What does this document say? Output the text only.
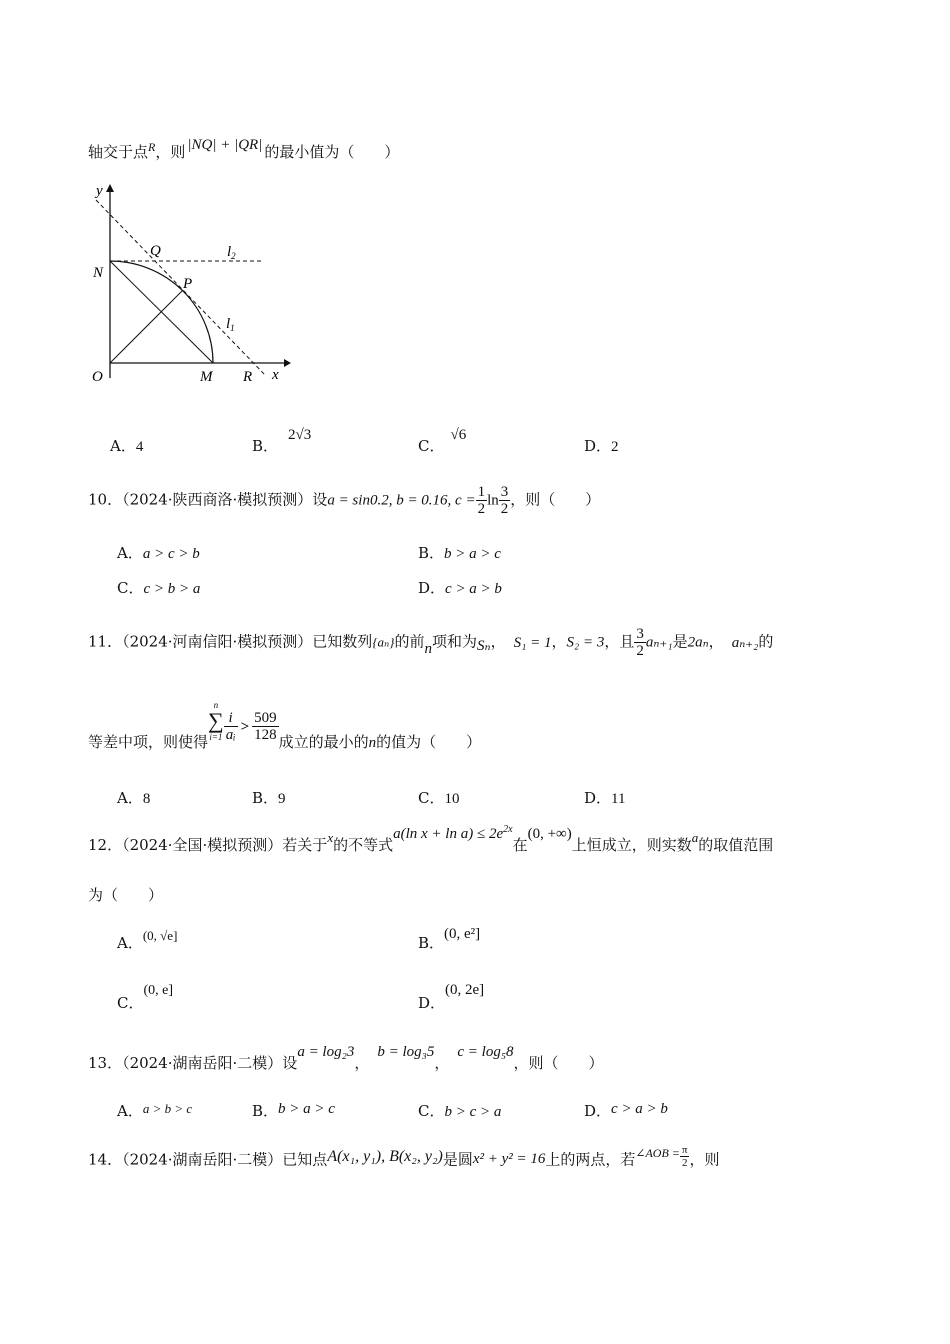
轴交于点$^R$，则 |NQ| + |QR| 的最小值为（　　）
y
x
O
N
Q
P
M R
$l_2$
$l_1$
A．4	B．2√3
C．√6
D．2
10．（2024·陕西商洛·模拟预测）设a = sin0.2, b = 0.16, $c = \frac{1}{2}$ $\ln \frac{3}{2}$ ，则（　　）
A．a > c > b	B．b > a > c
C．c > b > a	D．c > a > b
11．（2024·河南信阳·模拟预测）已知数列{aₙ}的前n项和为Sₙ， S₁ = 1，S₂ = 3，且 $\frac{3}{2} a_{n+1}$是2aₙ， aₙ₊₂的
等差中项，则使得
n
∑
$i=1 \frac{i}{\text{aᵢ}} > \frac{509}{128}$ 成立的最小的n的值为（　　）
A．8	B．9	C．10	D．11
12．（2024·全国·模拟预测）若关于x的不等式a(ln $x + \ln a) \le 2e^{2x}$在(0, +∞)上恒成立，则实数a的取值范围
为（　　）
A．(0, √e]	B．(0, e²]
C．(0, e]
D．(0, 2e]
13．（2024·湖南岳阳·二模）设a = log₂3，b = log₃5，c = log₅8，则（　　）
A．a > b > c	B．b > a > c	C．b > c > a	D．c > a > b
14．（2024·湖南岳阳·二模）已知点A(x₁, y₁), B(x₂, y₂)是圆x² + y² = 16上的两点，若$^{\angle AOB =} \frac{\pi}{2}$ ，则
